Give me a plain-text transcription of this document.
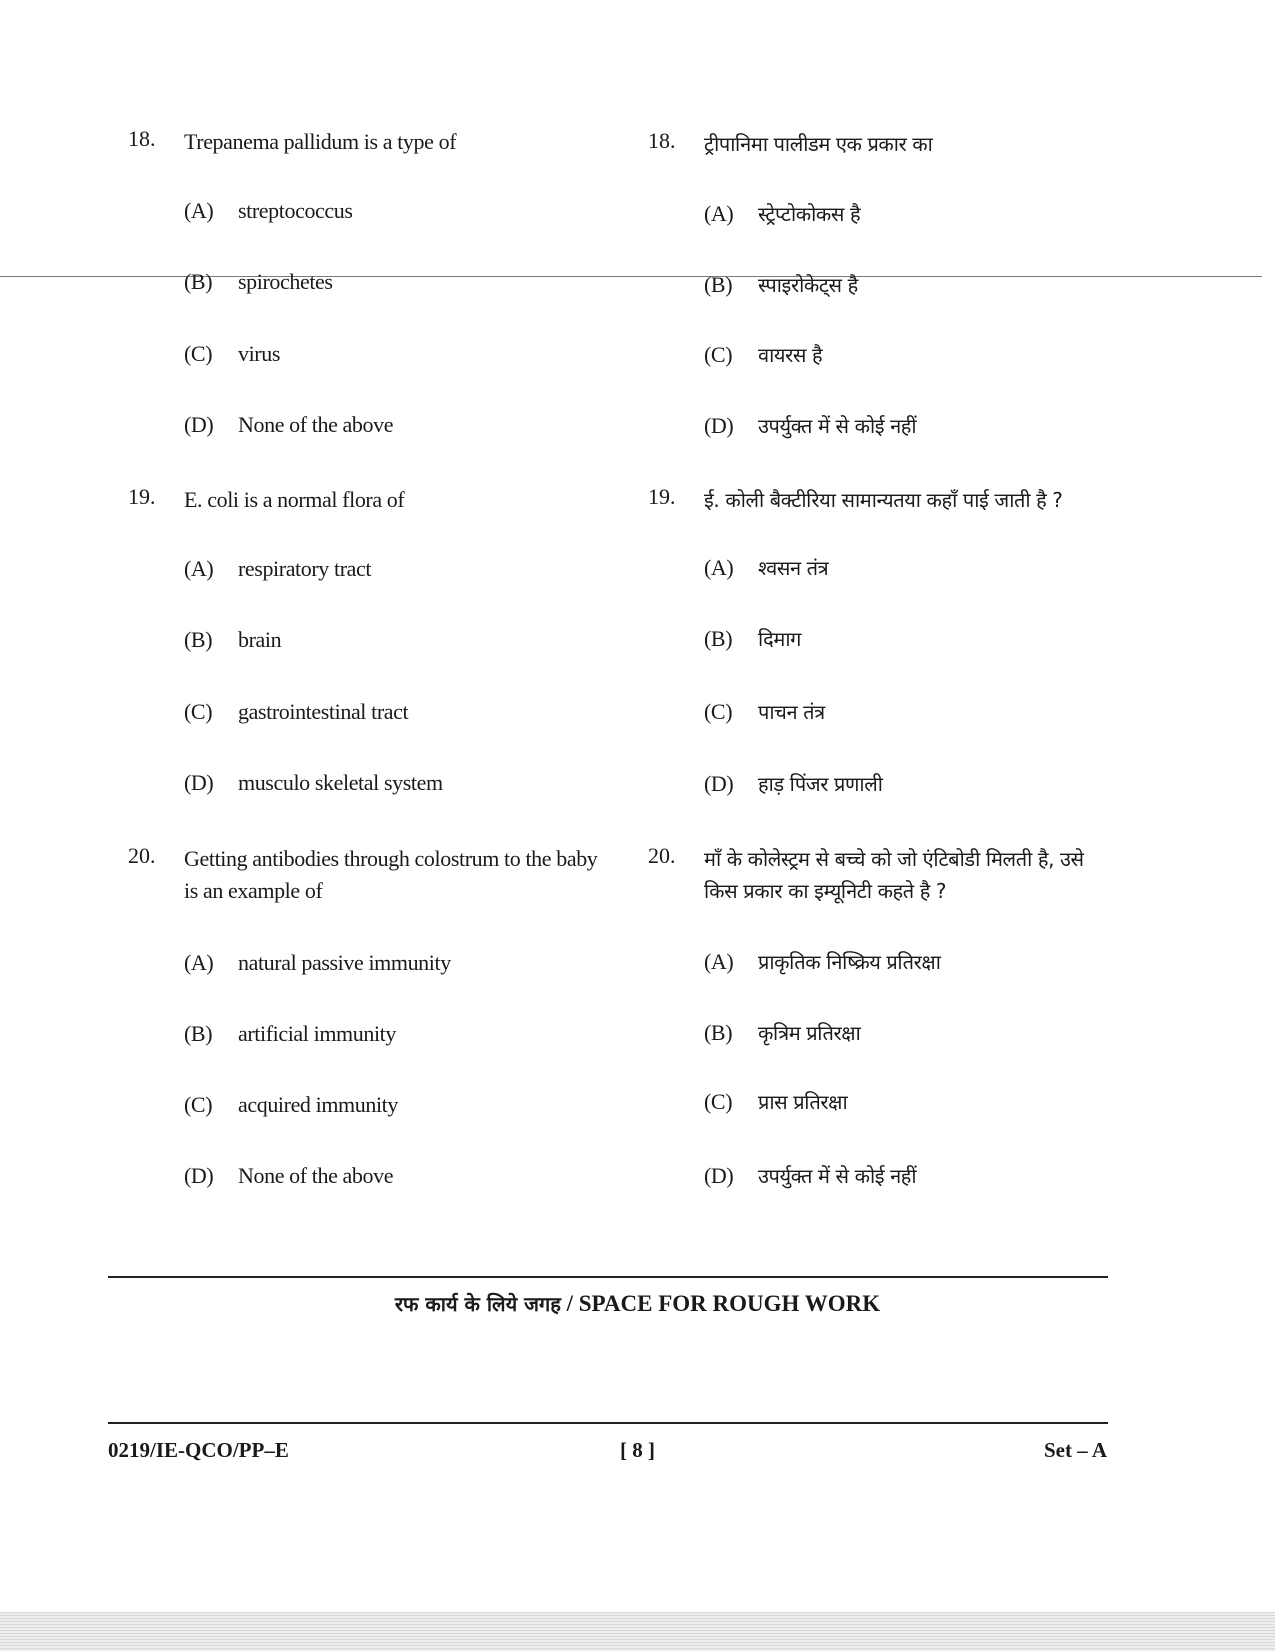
18. Trepanema pallidum is a type of
(A) streptococcus
(B) spirochetes
(C) virus
(D) None of the above
19. E. coli is a normal flora of
(A) respiratory tract
(B) brain
(C) gastrointestinal tract
(D) musculo skeletal system
20. Getting antibodies through colostrum to the baby
is an example of
(A) natural passive immunity
(B) artificial immunity
(C) acquired immunity
(D) None of the above
18. ट्रीपानिमा पालीडम एक प्रकार का
(A) स्ट्रेप्टोकोकस है
(B) स्पाइरोकेट्स है
(C) वायरस है
(D) उपर्युक्त में से कोई नहीं
19. ई. कोली बैक्टीरिया सामान्यतया कहाँ पाई जाती है ?
(A) श्वसन तंत्र
(B) दिमाग
(C) पाचन तंत्र
(D) हाड़ पिंजर प्रणाली
20. माँ के कोलेस्ट्रम से बच्चे को जो एंटिबोडी मिलती है, उसे
किस प्रकार का इम्यूनिटी कहते है ?
(A) प्राकृतिक निष्क्रिय प्रतिरक्षा
(B) कृत्रिम प्रतिरक्षा
(C) प्रास प्रतिरक्षा
(D) उपर्युक्त में से कोई नहीं
रफ कार्य के लिये जगह / SPACE FOR ROUGH WORK
0219/IE-QCO/PP–E	[ 8 ]	Set – A
